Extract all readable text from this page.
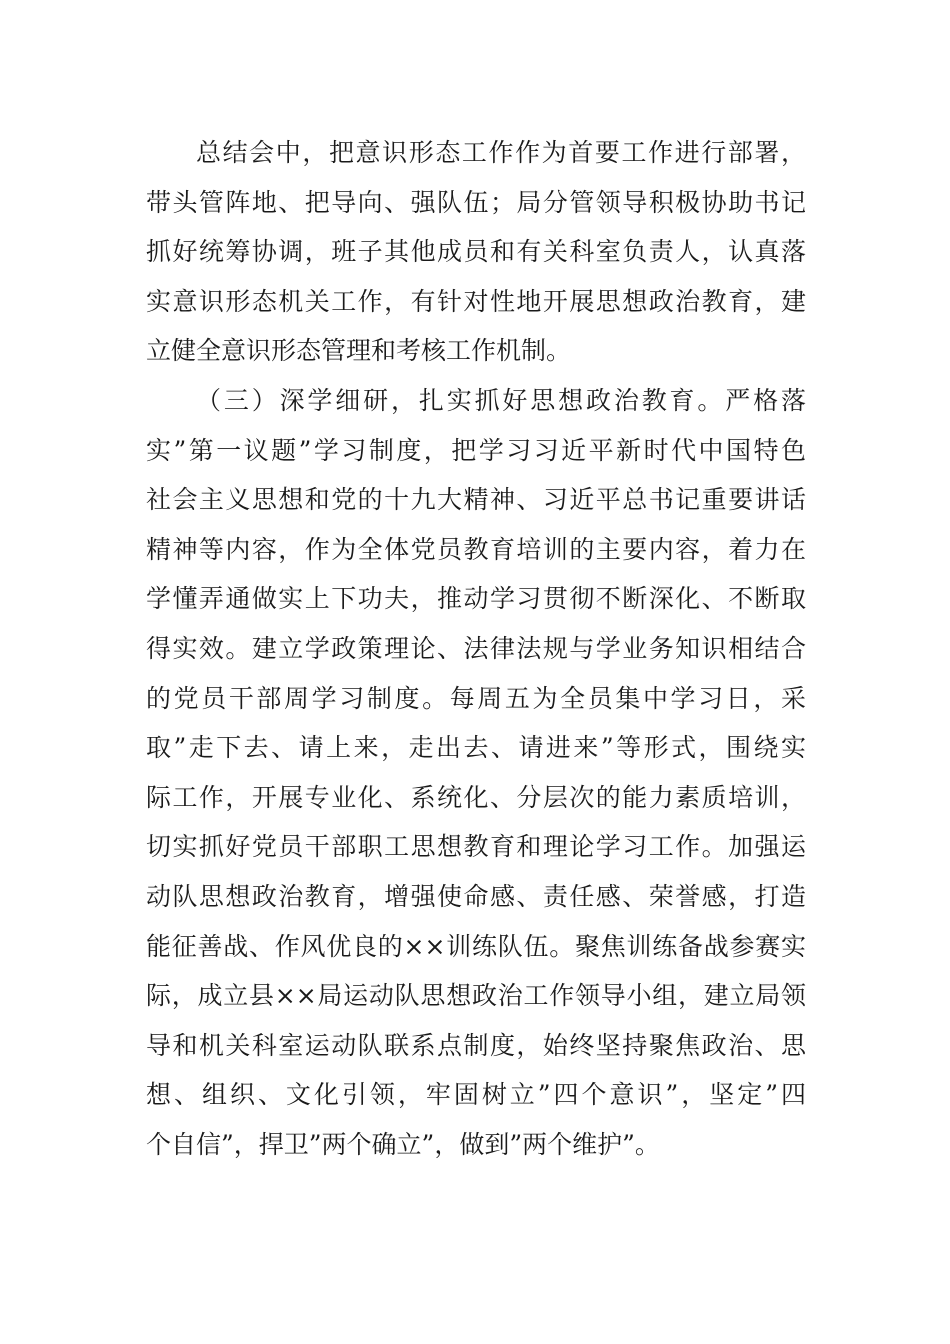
总结会中，把意识形态工作作为首要工作进行部署，
带头管阵地、把导向、强队伍；局分管领导积极协助书记
抓好统筹协调，班子其他成员和有关科室负责人，认真落
实意识形态机关工作，有针对性地开展思想政治教育，建
立健全意识形态管理和考核工作机制。
（三）深学细研，扎实抓好思想政治教育。严格落
实”第一议题”学习制度，把学习习近平新时代中国特色
社会主义思想和党的十九大精神、习近平总书记重要讲话
精神等内容，作为全体党员教育培训的主要内容，着力在
学懂弄通做实上下功夫，推动学习贯彻不断深化、不断取
得实效。建立学政策理论、法律法规与学业务知识相结合
的党员干部周学习制度。每周五为全员集中学习日，采
取”走下去、请上来，走出去、请进来”等形式，围绕实
际工作，开展专业化、系统化、分层次的能力素质培训，
切实抓好党员干部职工思想教育和理论学习工作。加强运
动队思想政治教育，增强使命感、责任感、荣誉感，打造
能征善战、作风优良的××训练队伍。聚焦训练备战参赛实
际，成立县××局运动队思想政治工作领导小组，建立局领
导和机关科室运动队联系点制度，始终坚持聚焦政治、思
想、组织、文化引领，牢固树立”四个意识”，坚定”四
个自信”，捍卫”两个确立”，做到”两个维护”。
